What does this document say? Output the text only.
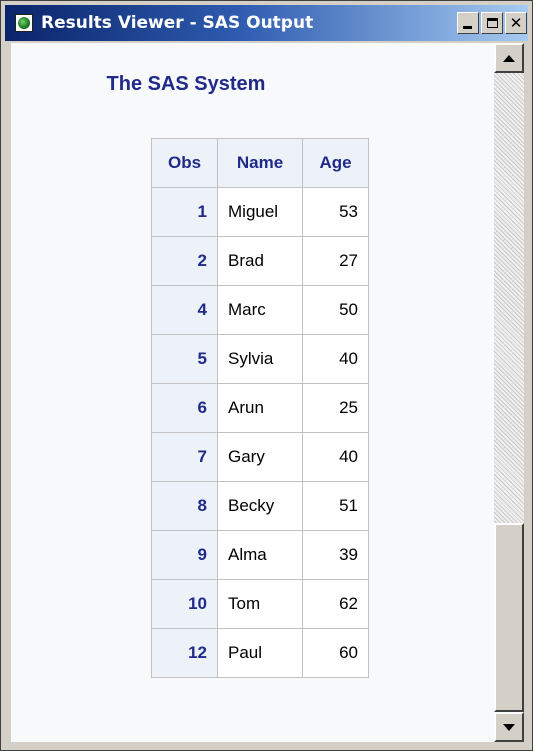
Results Viewer - SAS Output	✕
The SAS System
Obs	Name	Age
1	Miguel	53
2	Brad	27
4	Marc	50
5	Sylvia	40
6	Arun	25
7	Gary	40
8	Becky	51
9	Alma	39
10	Tom	62
12	Paul	60
